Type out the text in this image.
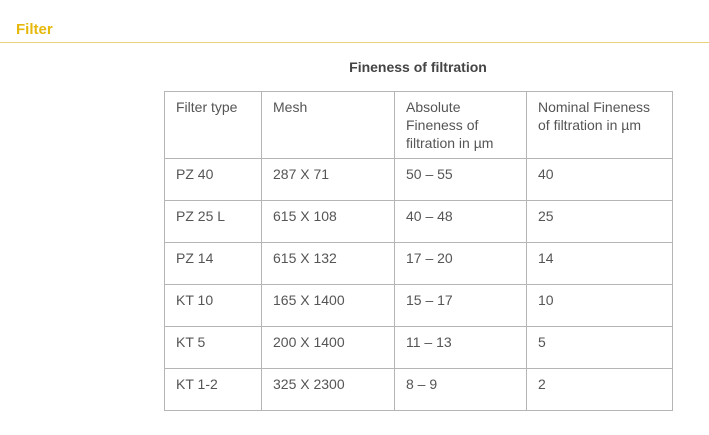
Filter
Fineness of filtration
Filter type	Mesh	Absolute Fineness of filtration in µm	Nominal Fineness of filtration in µm
PZ 40	287 X 71	50 – 55	40
PZ 25 L	615 X 108	40 – 48	25
PZ 14	615 X 132	17 – 20	14
KT 10	165 X 1400	15 – 17	10
KT 5	200 X 1400	11 – 13	5
KT 1-2	325 X 2300	8 – 9	2
